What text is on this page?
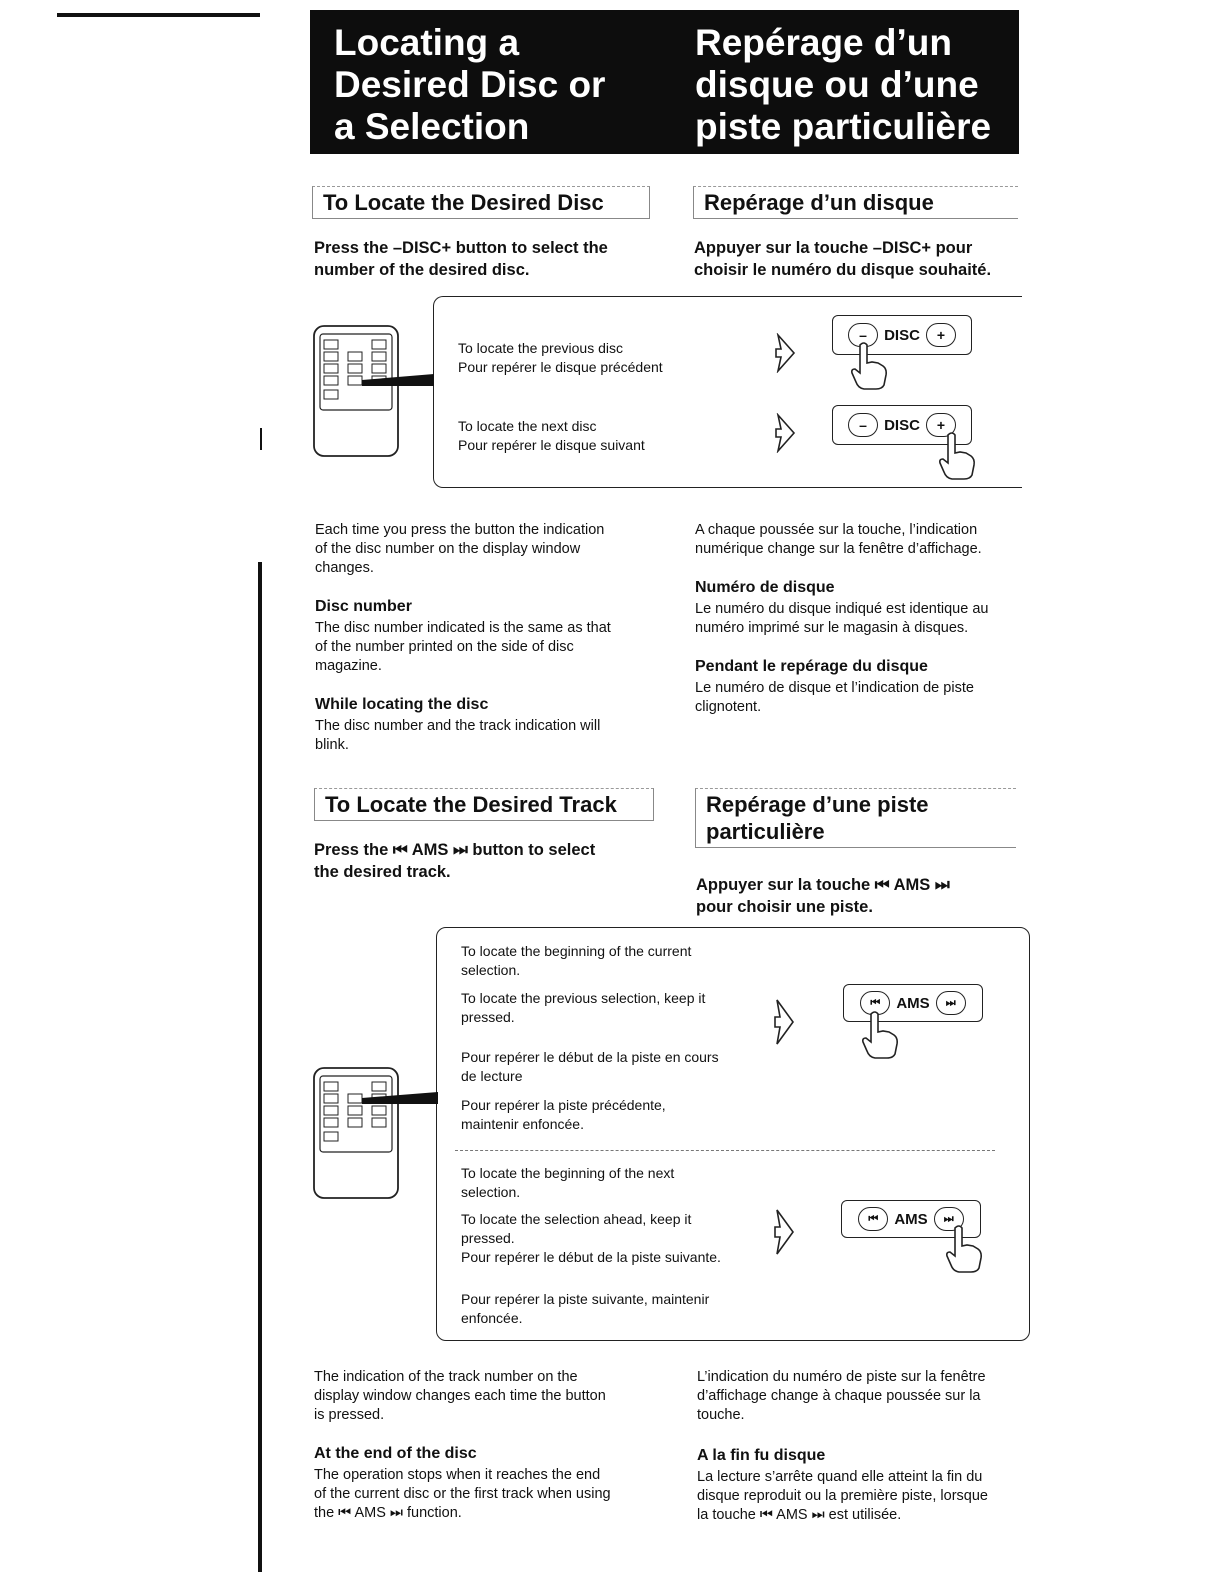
Locating a
Desired Disc or
a Selection
Repérage d’un
disque ou d’une
piste particulière
To Locate the Desired Disc	Repérage d’un disque
Press the –DISC+ button to select the
number of the desired disc.
Appuyer sur la touche –DISC+ pour
choisir le numéro du disque souhaité.
To locate the previous disc
Pour repérer le disque précédent
To locate the next disc
Pour repérer le disque suivant
–	DISC	+
–	DISC	+
Each time you press the button the indication
of the disc number on the display window
changes.
A chaque poussée sur la touche, l’indication
numérique change sur la fenêtre d’affichage.
Disc number
The disc number indicated is the same as that
of the number printed on the side of disc
magazine.
Numéro de disque
Le numéro du disque indiqué est identique au
numéro imprimé sur le magasin à disques.
While locating the disc
The disc number and the track indication will
blink.
Pendant le repérage du disque
Le numéro de disque et l’indication de piste
clignotent.
To Locate the Desired Track	Repérage d’une piste
particulière
Press the ⏮ AMS ⏭ button to select
the desired track.
Appuyer sur la touche ⏮ AMS ⏭
pour choisir une piste.
To locate the beginning of the current
selection.
To locate the previous selection, keep it
pressed.
Pour repérer le début de la piste en cours
de lecture
Pour repérer la piste précédente,
maintenir enfoncée.
To locate the beginning of the next
selection.
To locate the selection ahead, keep it
pressed.
Pour repérer le début de la piste suivante.
Pour repérer la piste suivante, maintenir
enfoncée.
⏮	AMS	⏭
⏮	AMS	⏭
The indication of the track number on the
display window changes each time the button
is pressed.
L’indication du numéro de piste sur la fenêtre
d’affichage change à chaque poussée sur la
touche.
At the end of the disc
The operation stops when it reaches the end
of the current disc or the first track when using
the ⏮ AMS ⏭ function.
A la fin fu disque
La lecture s’arrête quand elle atteint la fin du
disque reproduit ou la première piste, lorsque
la touche ⏮ AMS ⏭ est utilisée.
